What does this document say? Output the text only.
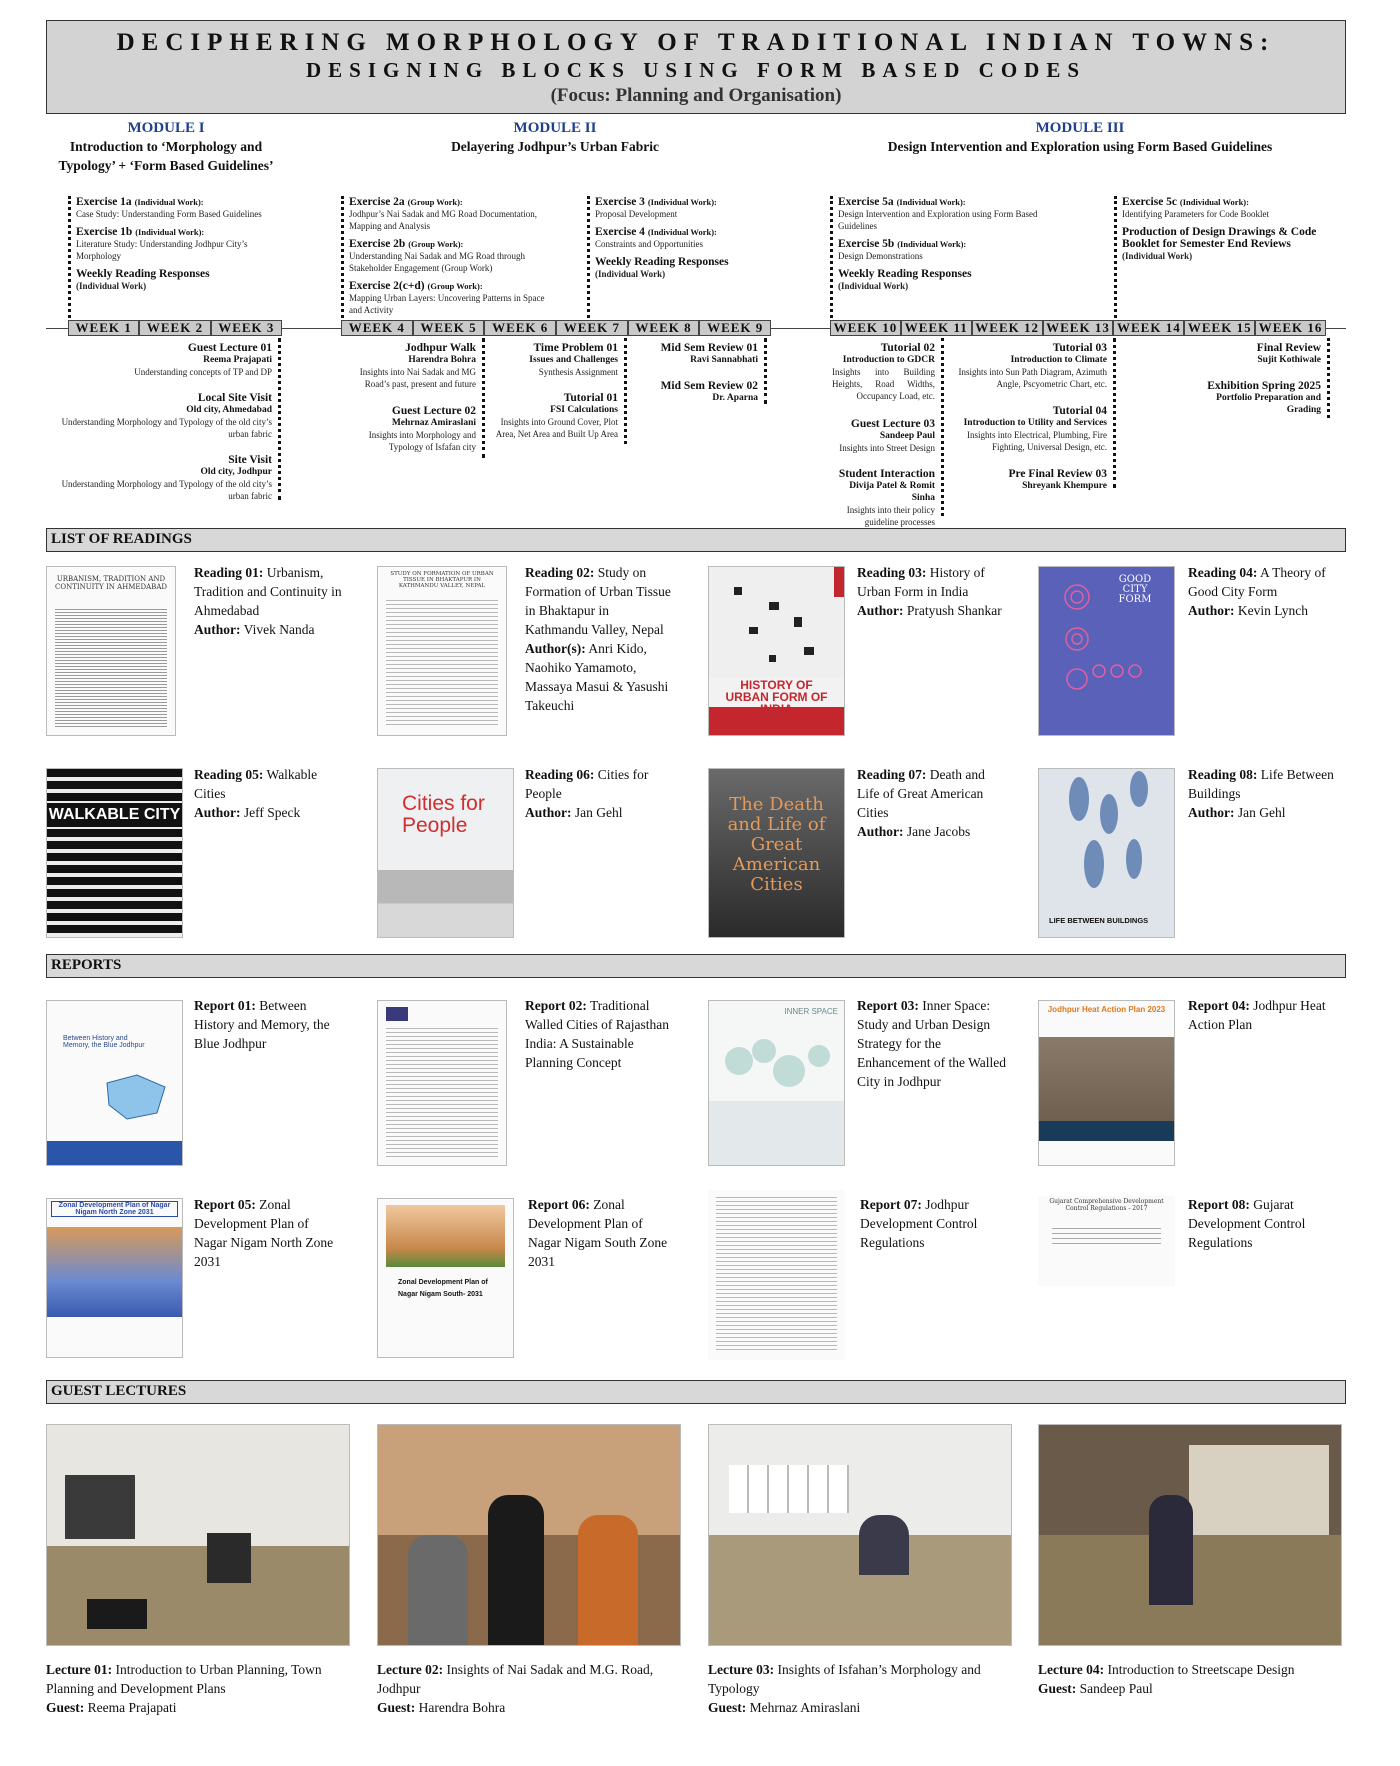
DECIPHERING MORPHOLOGY OF TRADITIONAL INDIAN TOWNS:
DESIGNING BLOCKS USING FORM BASED CODES
(Focus: Planning and Organisation)
MODULE I
Introduction to ‘Morphology and Typology’ + ‘Form Based Guidelines’
MODULE II
Delayering Jodhpur’s Urban Fabric
MODULE III
Design Intervention and Exploration using Form Based Guidelines
Exercise 1a (Individual Work):
Case Study: Understanding Form Based Guidelines
Exercise 1b (Individual Work):
Literature Study: Understanding Jodhpur City’s Morphology
Weekly Reading Responses
(Individual Work)
Exercise 2a (Group Work):
Jodhpur’s Nai Sadak and MG Road Documentation, Mapping and Analysis
Exercise 2b (Group Work):
Understanding Nai Sadak and MG Road through Stakeholder Engagement (Group Work)
Exercise 2(c+d) (Group Work):
Mapping Urban Layers: Uncovering Patterns in Space and Activity
Exercise 3 (Individual Work):
Proposal Development
Exercise 4 (Individual Work):
Constraints and Opportunities
Weekly Reading Responses
(Individual Work)
Exercise 5a (Individual Work):
Design Intervention and Exploration using Form Based Guidelines
Exercise 5b (Individual Work):
Design Demonstrations
Weekly Reading Responses
(Individual Work)
Exercise 5c (Individual Work):
Identifying Parameters for Code Booklet
Production of Design Drawings & Code Booklet for Semester End Reviews
(Individual Work)
WEEK 1	WEEK 2	WEEK 3	WEEK 4	WEEK 5	WEEK 6	WEEK 7	WEEK 8	WEEK 9	WEEK 10 WEEK 11 WEEK 12 WEEK 13 WEEK 14 WEEK 15 WEEK 16
Guest Lecture 01
Reema Prajapati
Understanding concepts of TP and DP
Local Site Visit
Old city, Ahmedabad
Understanding Morphology and Typology of the old city’s urban fabric
Site Visit
Old city, Jodhpur
Understanding Morphology and Typology of the old city’s urban fabric
Jodhpur Walk
Harendra Bohra
Insights into Nai Sadak and MG Road’s past, present and future
Guest Lecture 02
Mehrnaz Amiraslani
Insights into Morphology and Typology of Isfafan city
Time Problem 01
Issues and Challenges
Synthesis Assignment
Tutorial 01
FSI Calculations
Insights into Ground Cover, Plot Area, Net Area and Built Up Area
Mid Sem Review 01
Ravi Sannabhati
Mid Sem Review 02
Dr. Aparna
Tutorial 02
Introduction to GDCR
Insights into Building Heights, Road Widths, Occupancy Load, etc.
Guest Lecture 03
Sandeep Paul
Insights into Street Design
Student Interaction
Divija Patel & Romit Sinha
Insights into their policy guideline processes
Tutorial 03
Introduction to Climate
Insights into Sun Path Diagram, Azimuth Angle, Pscyometric Chart, etc.
Tutorial 04
Introduction to Utility and Services
Insights into Electrical, Plumbing, Fire Fighting, Universal Design, etc.
Pre Final Review 03
Shreyank Khempure
Final Review
Sujit Kothiwale
Exhibition Spring 2025
Portfolio Preparation and Grading
LIST OF READINGS
URBANISM, TRADITION AND CONTINUITY IN AHMEDABAD
Reading 01: Urbanism, Tradition and Continuity in Ahmedabad
Author: Vivek Nanda
STUDY ON FORMATION OF URBAN TISSUE IN BHAKTAPUR IN KATHMANDU VALLEY, NEPAL
Reading 02: Study on Formation of Urban Tissue in Bhaktapur in Kathmandu Valley, Nepal
Author(s): Anri Kido, Naohiko Yamamoto, Massaya Masui & Yasushi Takeuchi
HISTORY OF URBAN FORM OF INDIA
Reading 03: History of Urban Form in India
Author: Pratyush Shankar
GOOD CITY FORM
Reading 04: A Theory of Good City Form
Author: Kevin Lynch
WALKABLE CITY
Reading 05: Walkable Cities
Author: Jeff Speck	Cities for People
Reading 06: Cities for People
Author: Jan Gehl	The Death and Life of Great American Cities
Reading 07: Death and Life of Great American Cities
Author: Jane Jacobs
LIFE BETWEEN BUILDINGS
Reading 08: Life Between Buildings
Author: Jan Gehl
REPORTS
Between History and Memory, the Blue Jodhpur
Report 01: Between History and Memory, the Blue Jodhpur
Report 02: Traditional Walled Cities of Rajasthan India: A Sustainable Planning Concept
INNER SPACE Report 03: Inner Space: Study and Urban Design Strategy for the Enhancement of the Walled City in Jodhpur
Jodhpur Heat Action Plan 2023	Report 04: Jodhpur Heat Action Plan
Zonal Development Plan of Nagar Nigam North Zone 2031
Report 05: Zonal Development Plan of Nagar Nigam North Zone 2031
Zonal Development Plan of Nagar Nigam South- 2031
Report 06: Zonal Development Plan of Nagar Nigam South Zone 2031
Report 07: Jodhpur Development Control Regulations
Gujarat Comprehensive Development Control Regulations - 2017	Report 08: Gujarat Development Control Regulations
GUEST LECTURES
Lecture 01: Introduction to Urban Planning, Town Planning and Development Plans
Guest: Reema Prajapati
Lecture 02: Insights of Nai Sadak and M.G. Road, Jodhpur
Guest: Harendra Bohra
Lecture 03: Insights of Isfahan’s Morphology and Typology
Guest: Mehrnaz Amiraslani
Lecture 04: Introduction to Streetscape Design
Guest: Sandeep Paul
